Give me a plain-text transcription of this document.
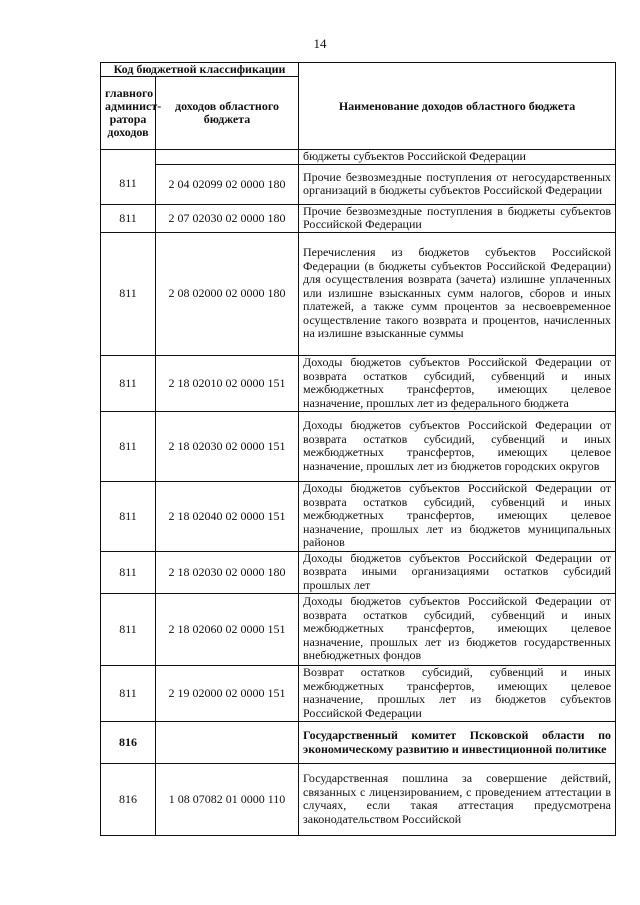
14
Код бюджетной классификации		Наименование доходов областного бюджета
главного админист-ратора доходов	доходов областного бюджета	
		бюджеты субъектов Российской Федерации
811	2 04 02099 02 0000 180	Прочие безвозмездные поступления от негосударственных организаций в бюджеты субъектов Российской Федерации
811	2 07 02030 02 0000 180	Прочие безвозмездные поступления в бюджеты субъектов Российской Федерации
811	2 08 02000 02 0000 180	Перечисления из бюджетов субъектов Российской Федерации (в бюджеты субъектов Российской Федерации) для осуществления возврата (зачета) излишне уплаченных или излишне взысканных сумм налогов, сборов и иных платежей, а также сумм процентов за несвоевременное осуществление такого возврата и процентов, начисленных на излишне взысканные суммы
811	2 18 02010 02 0000 151	Доходы бюджетов субъектов Российской Федерации от возврата остатков субсидий, субвенций и иных межбюджетных трансфертов, имеющих целевое назначение, прошлых лет из федерального бюджета
811	2 18 02030 02 0000 151	Доходы бюджетов субъектов Российской Федерации от возврата остатков субсидий, субвенций и иных межбюджетных трансфертов, имеющих целевое назначение, прошлых лет из бюджетов городских округов
811	2 18 02040 02 0000 151	Доходы бюджетов субъектов Российской Федерации от возврата остатков субсидий, субвенций и иных межбюджетных трансфертов, имеющих целевое назначение, прошлых лет из бюджетов муниципальных районов
811	2 18 02030 02 0000 180	Доходы бюджетов субъектов Российской Федерации от возврата иными организациями остатков субсидий прошлых лет
811	2 18 02060 02 0000 151	Доходы бюджетов субъектов Российской Федерации от возврата остатков субсидий, субвенций и иных межбюджетных трансфертов, имеющих целевое назначение, прошлых лет из бюджетов государственных внебюджетных фондов
811	2 19 02000 02 0000 151	Возврат остатков субсидий, субвенций и иных межбюджетных трансфертов, имеющих целевое назначение, прошлых лет из бюджетов субъектов Российской Федерации
816		Государственный комитет Псковской области по экономическому развитию и инвестиционной политике
816	1 08 07082 01 0000 110	Государственная пошлина за совершение действий, связанных с лицензированием, с проведением аттестации в случаях, если такая аттестация предусмотрена законодательством Российской
